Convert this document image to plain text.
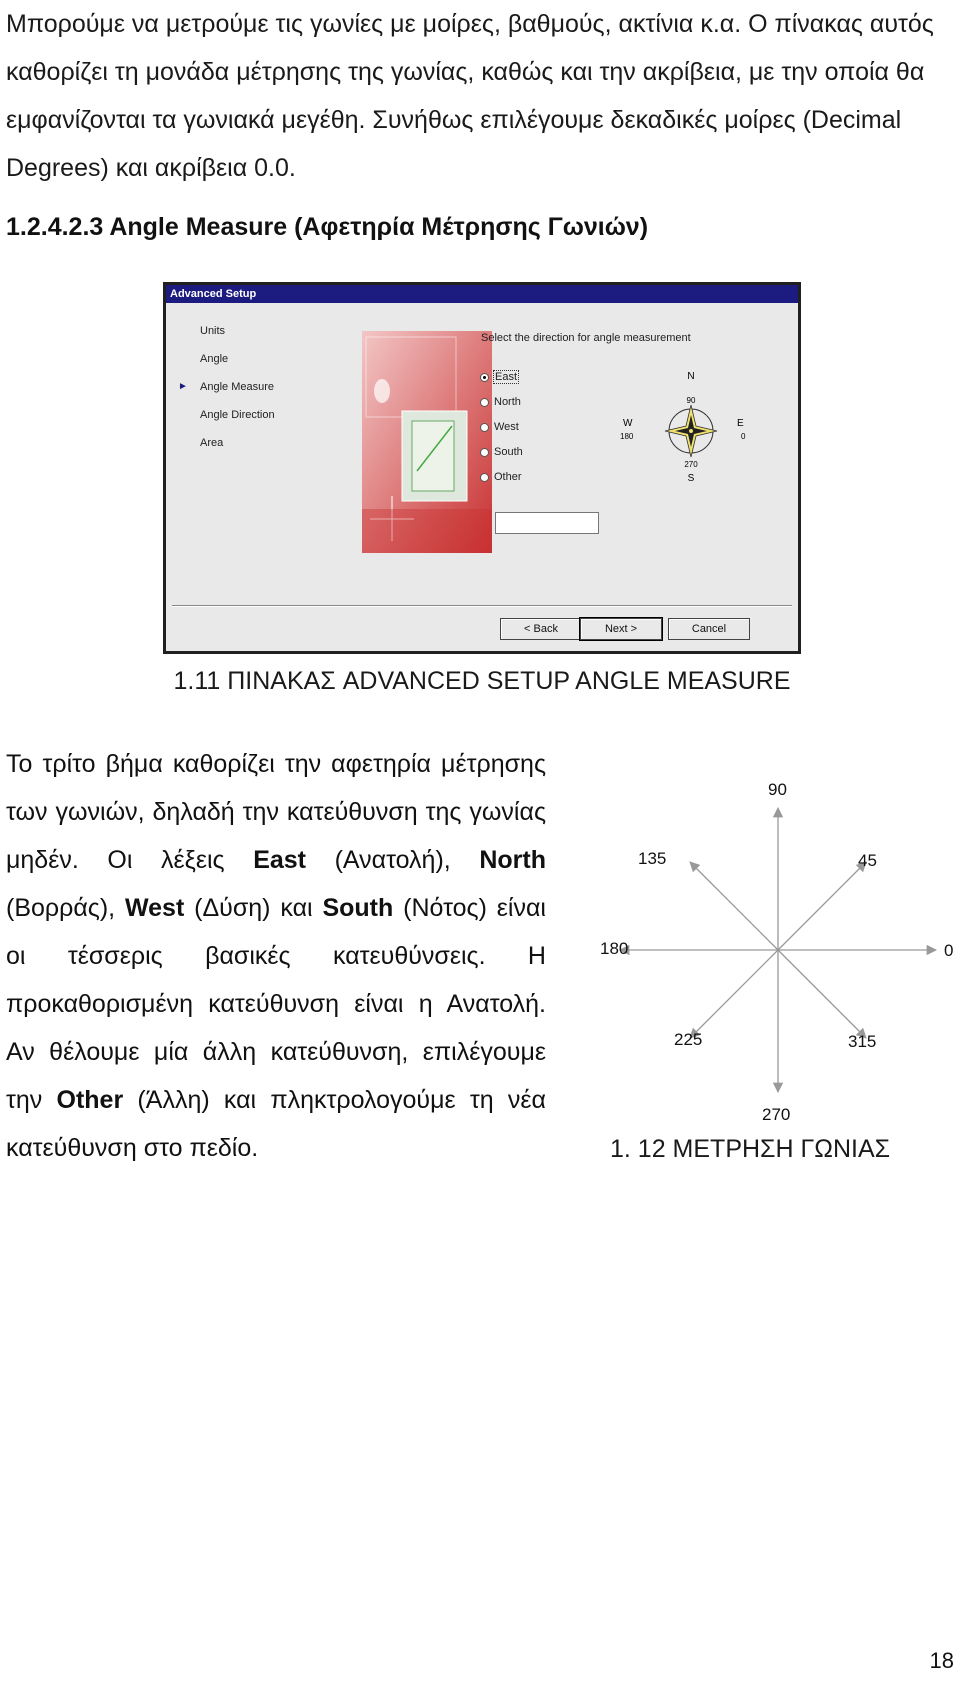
Μπορούμε να μετρούμε τις γωνίες με μοίρες, βαθμούς, ακτίνια κ.α. Ο πίνακας αυτός καθορίζει τη μονάδα μέτρησης της γωνίας, καθώς και την ακρίβεια, με την οποία θα εμφανίζονται τα γωνιακά μεγέθη. Συνήθως επιλέγουμε δεκαδικές μοίρες (Decimal Degrees) και ακρίβεια 0.0.

1.2.4.2.3 Angle Measure (Αφετηρία Μέτρησης Γωνιών)
Advanced Setup
Units
Angle
► Angle Measure
Angle Direction
Area
Select the direction for angle measurement
East
North
West
South
Other
N
90
W
180
E
0
270
S
< Back	Next >	Cancel
1.11 ΠΙΝΑΚΑΣ ADVANCED SETUP ANGLE MEASURE

Το τρίτο βήμα καθορίζει την αφετηρία μέτρησης των γωνιών, δηλαδή την κατεύθυνση της γωνίας μηδέν. Οι λέξεις East (Ανατολή), North (Βορράς), West (Δύση) και South (Νότος) είναι οι τέσσερις βασικές κατευθύνσεις. Η προκαθορισμένη κατεύθυνση είναι η Ανατολή.

Αν θέλουμε μία άλλη κατεύθυνση, επιλέγουμε την Other (Άλλη) και πληκτρολογούμε τη νέα κατεύθυνση στο πεδίο.

0
45
90
135
180
225
270
315
1. 12 ΜΕΤΡΗΣΗ ΓΩΝΙΑΣ
18
